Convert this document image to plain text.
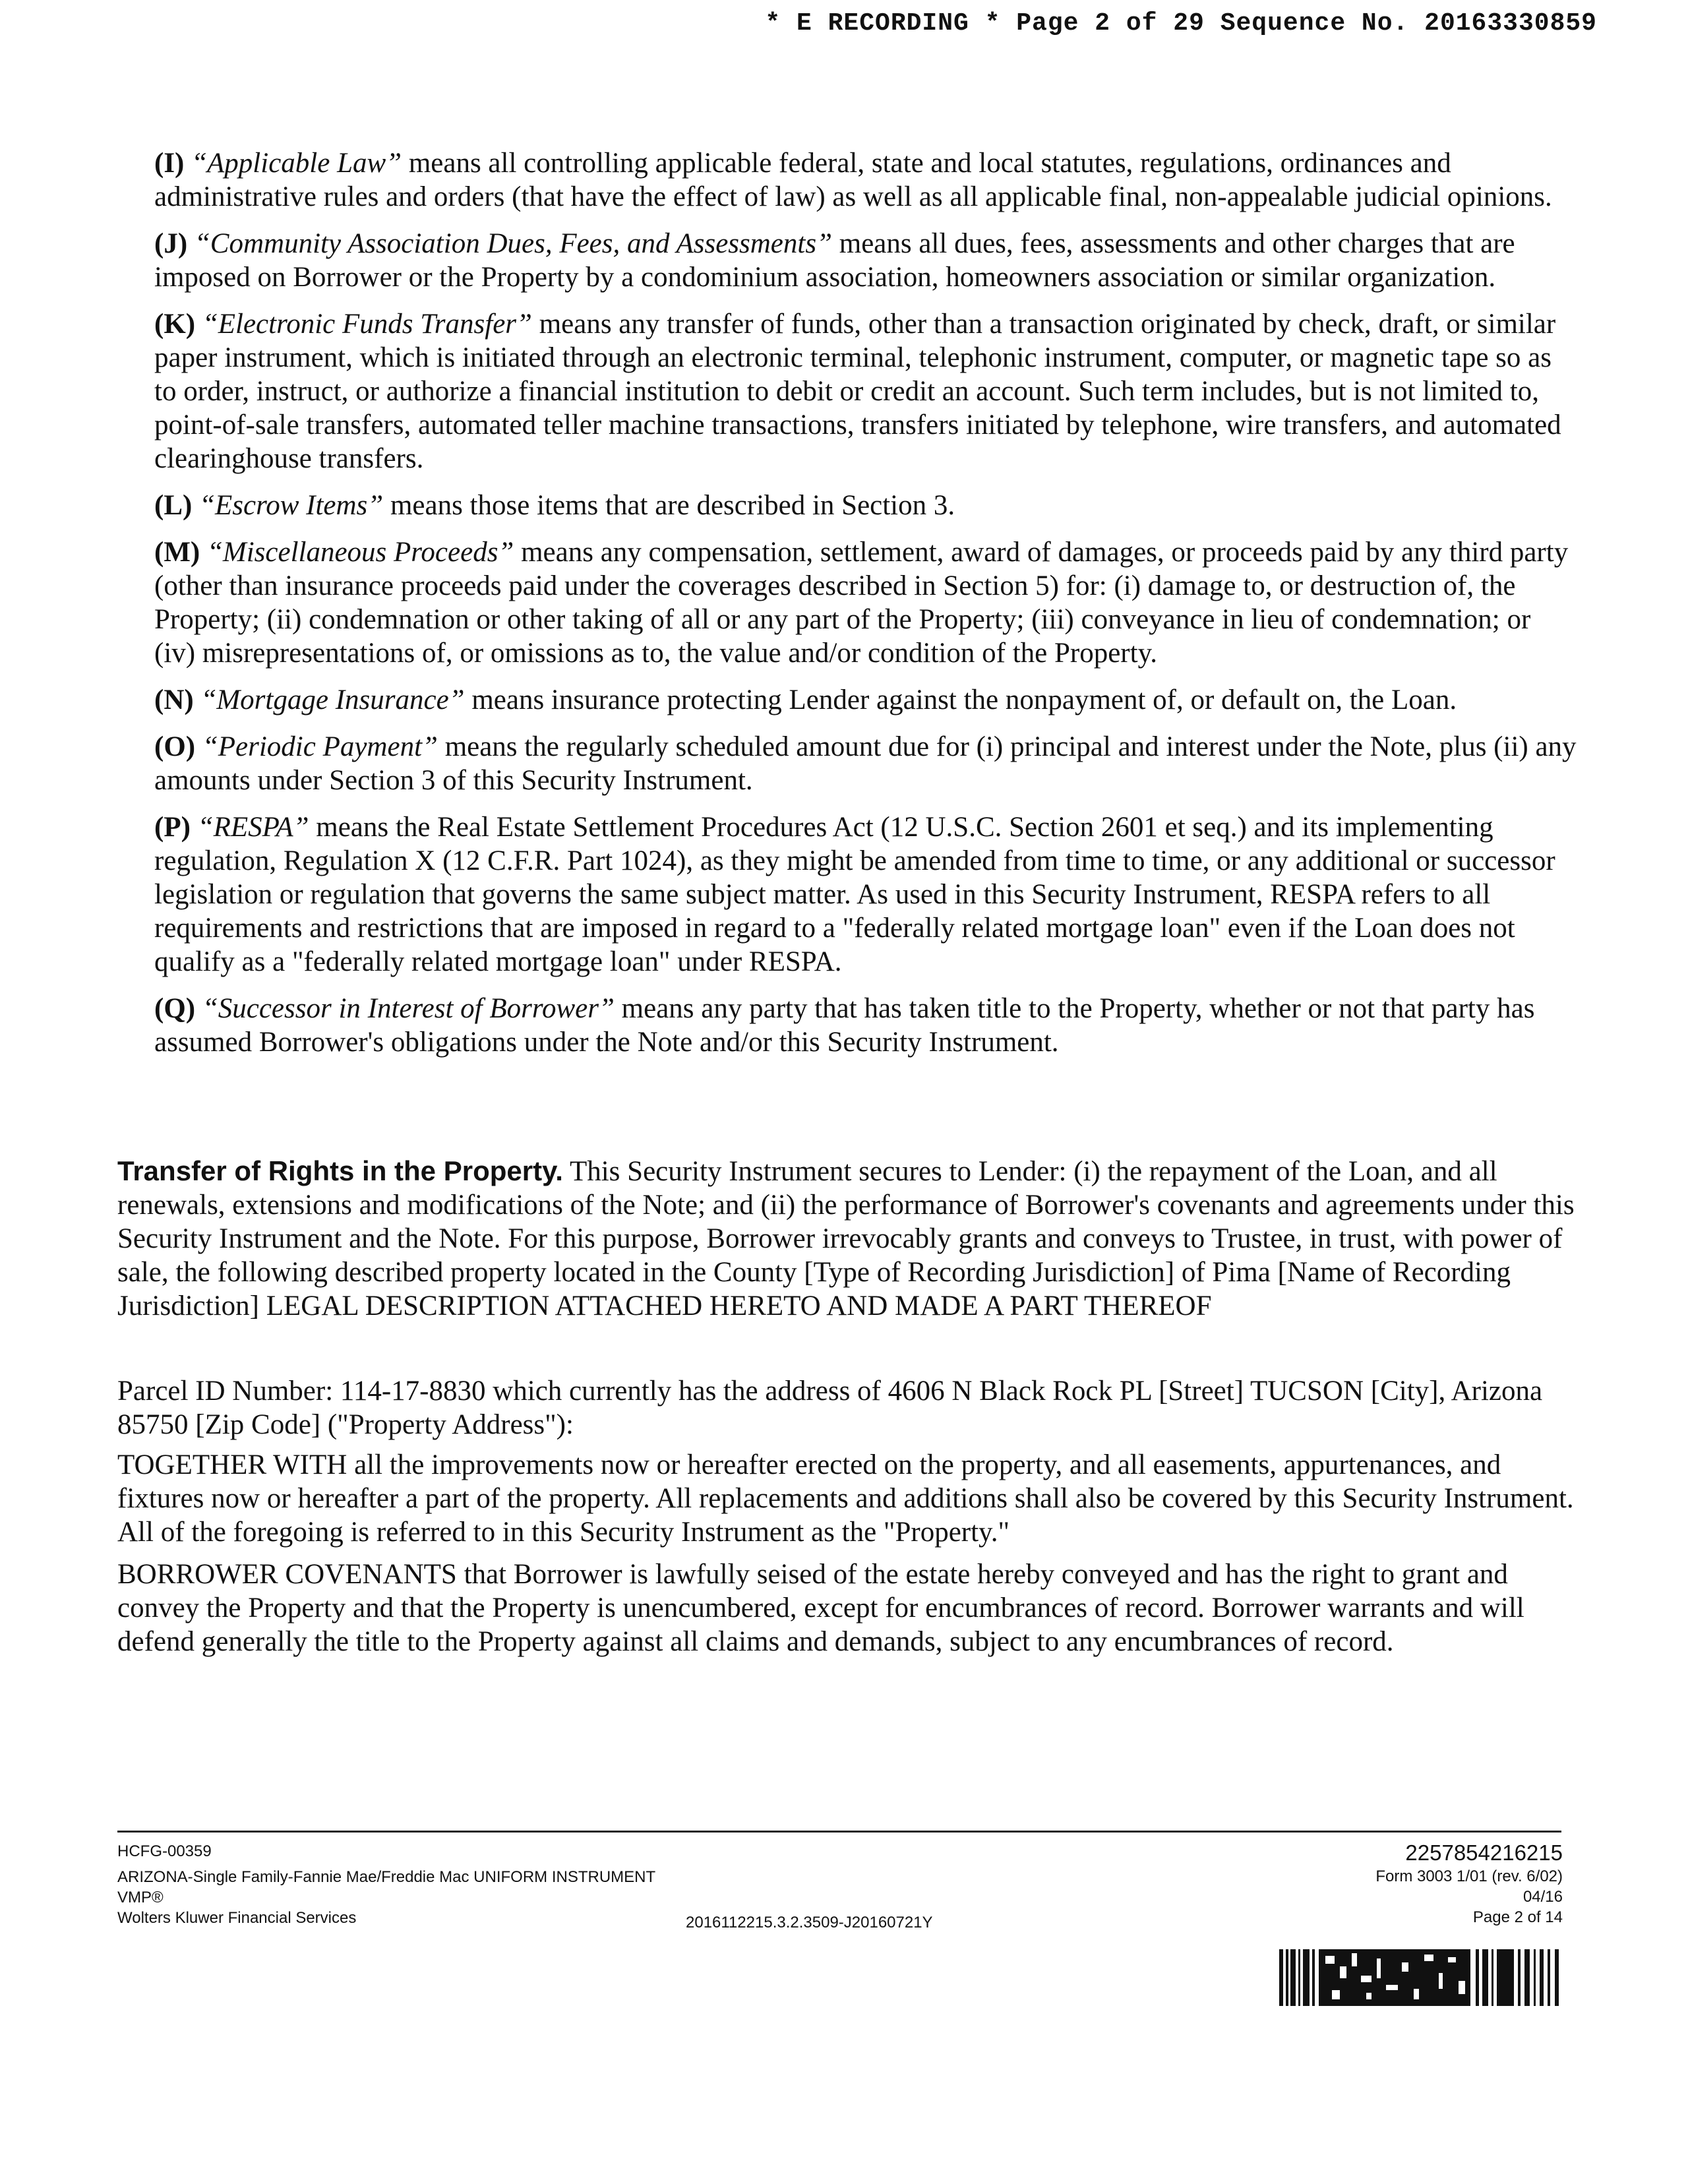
* E RECORDING * Page 2 of 29 Sequence No. 20163330859

(I) “Applicable Law” means all controlling applicable federal, state and local statutes, regulations, ordinances and administrative rules and orders (that have the effect of law) as well as all applicable final, non-appealable judicial opinions.

(J) “Community Association Dues, Fees, and Assessments” means all dues, fees, assessments and other charges that are imposed on Borrower or the Property by a condominium association, homeowners association or similar organization.

(K) “Electronic Funds Transfer” means any transfer of funds, other than a transaction originated by check, draft, or similar paper instrument, which is initiated through an electronic terminal, telephonic instrument, computer, or magnetic tape so as to order, instruct, or authorize a financial institution to debit or credit an account. Such term includes, but is not limited to, point-of-sale transfers, automated teller machine transactions, transfers initiated by telephone, wire transfers, and automated clearinghouse transfers.

(L) “Escrow Items” means those items that are described in Section 3.

(M) “Miscellaneous Proceeds” means any compensation, settlement, award of damages, or proceeds paid by any third party (other than insurance proceeds paid under the coverages described in Section 5) for: (i) damage to, or destruction of, the Property; (ii) condemnation or other taking of all or any part of the Property; (iii) conveyance in lieu of condemnation; or (iv) misrepresentations of, or omissions as to, the value and/or condition of the Property.

(N) “Mortgage Insurance” means insurance protecting Lender against the nonpayment of, or default on, the Loan.

(O) “Periodic Payment” means the regularly scheduled amount due for (i) principal and interest under the Note, plus (ii) any amounts under Section 3 of this Security Instrument.

(P) “RESPA” means the Real Estate Settlement Procedures Act (12 U.S.C. Section 2601 et seq.) and its implementing regulation, Regulation X (12 C.F.R. Part 1024), as they might be amended from time to time, or any additional or successor legislation or regulation that governs the same subject matter. As used in this Security Instrument, RESPA refers to all requirements and restrictions that are imposed in regard to a "federally related mortgage loan" even if the Loan does not qualify as a "federally related mortgage loan" under RESPA.

(Q) “Successor in Interest of Borrower” means any party that has taken title to the Property, whether or not that party has assumed Borrower's obligations under the Note and/or this Security Instrument.

Transfer of Rights in the Property. This Security Instrument secures to Lender: (i) the repayment of the Loan, and all renewals, extensions and modifications of the Note; and (ii) the performance of Borrower's covenants and agreements under this Security Instrument and the Note. For this purpose, Borrower irrevocably grants and conveys to Trustee, in trust, with power of sale, the following described property located in the County [Type of Recording Jurisdiction] of Pima [Name of Recording Jurisdiction] LEGAL DESCRIPTION ATTACHED HERETO AND MADE A PART THEREOF
Parcel ID Number: 114-17-8830 which currently has the address of 4606 N Black Rock PL [Street] TUCSON [City], Arizona 85750 [Zip Code] ("Property Address"):
TOGETHER WITH all the improvements now or hereafter erected on the property, and all easements, appurtenances, and fixtures now or hereafter a part of the property. All replacements and additions shall also be covered by this Security Instrument. All of the foregoing is referred to in this Security Instrument as the "Property."
BORROWER COVENANTS that Borrower is lawfully seised of the estate hereby conveyed and has the right to grant and convey the Property and that the Property is unencumbered, except for encumbrances of record. Borrower warrants and will defend generally the title to the Property against all claims and demands, subject to any encumbrances of record.
HCFG-00359
ARIZONA-Single Family-Fannie Mae/Freddie Mac UNIFORM INSTRUMENT
VMP®
Wolters Kluwer Financial Services	2016112215.3.2.3509-J20160721Y
2257854216215
Form 3003 1/01 (rev. 6/02)
04/16
Page 2 of 14
